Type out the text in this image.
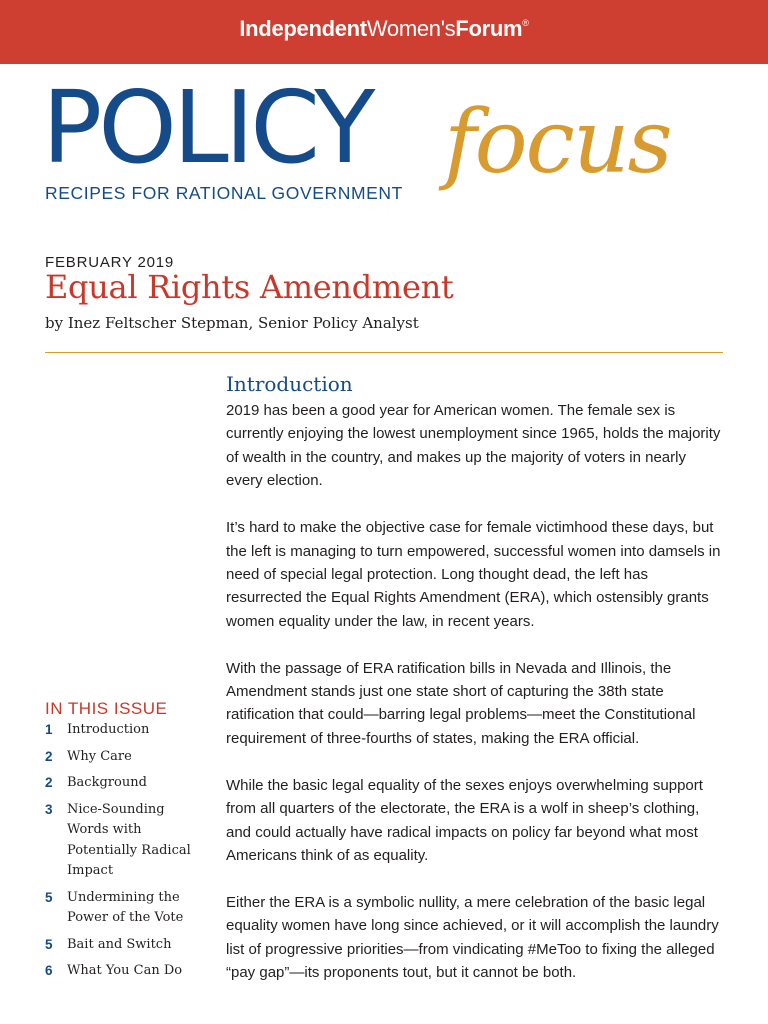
IndependentWomen'sForum®
POLICY focus
RECIPES FOR RATIONAL GOVERNMENT
FEBRUARY 2019
Equal Rights Amendment
by Inez Feltscher Stepman, Senior Policy Analyst
IN THIS ISSUE
1	Introduction
2	Why Care
2	Background
3	Nice-Sounding Words with Potentially Radical Impact
5	Undermining the Power of the Vote
5	Bait and Switch
6	What You Can Do
Introduction

2019 has been a good year for American women. The female sex is currently enjoying the lowest unemployment since 1965, holds the majority of wealth in the country, and makes up the majority of voters in nearly every election.

It’s hard to make the objective case for female victimhood these days, but the left is managing to turn empowered, successful women into damsels in need of special legal protection. Long thought dead, the left has resurrected the Equal Rights Amendment (ERA), which ostensibly grants women equality under the law, in recent years.

With the passage of ERA ratification bills in Nevada and Illinois, the Amendment stands just one state short of capturing the 38th state ratification that could—barring legal problems—meet the Constitutional requirement of three-fourths of states, making the ERA official.

While the basic legal equality of the sexes enjoys overwhelming support from all quarters of the electorate, the ERA is a wolf in sheep’s clothing, and could actually have radical impacts on policy far beyond what most Americans think of as equality.

Either the ERA is a symbolic nullity, a mere celebration of the basic legal equality women have long since achieved, or it will accomplish the laundry list of progressive priorities—from vindicating #MeToo to fixing the alleged “pay gap”—its proponents tout, but it cannot be both.
